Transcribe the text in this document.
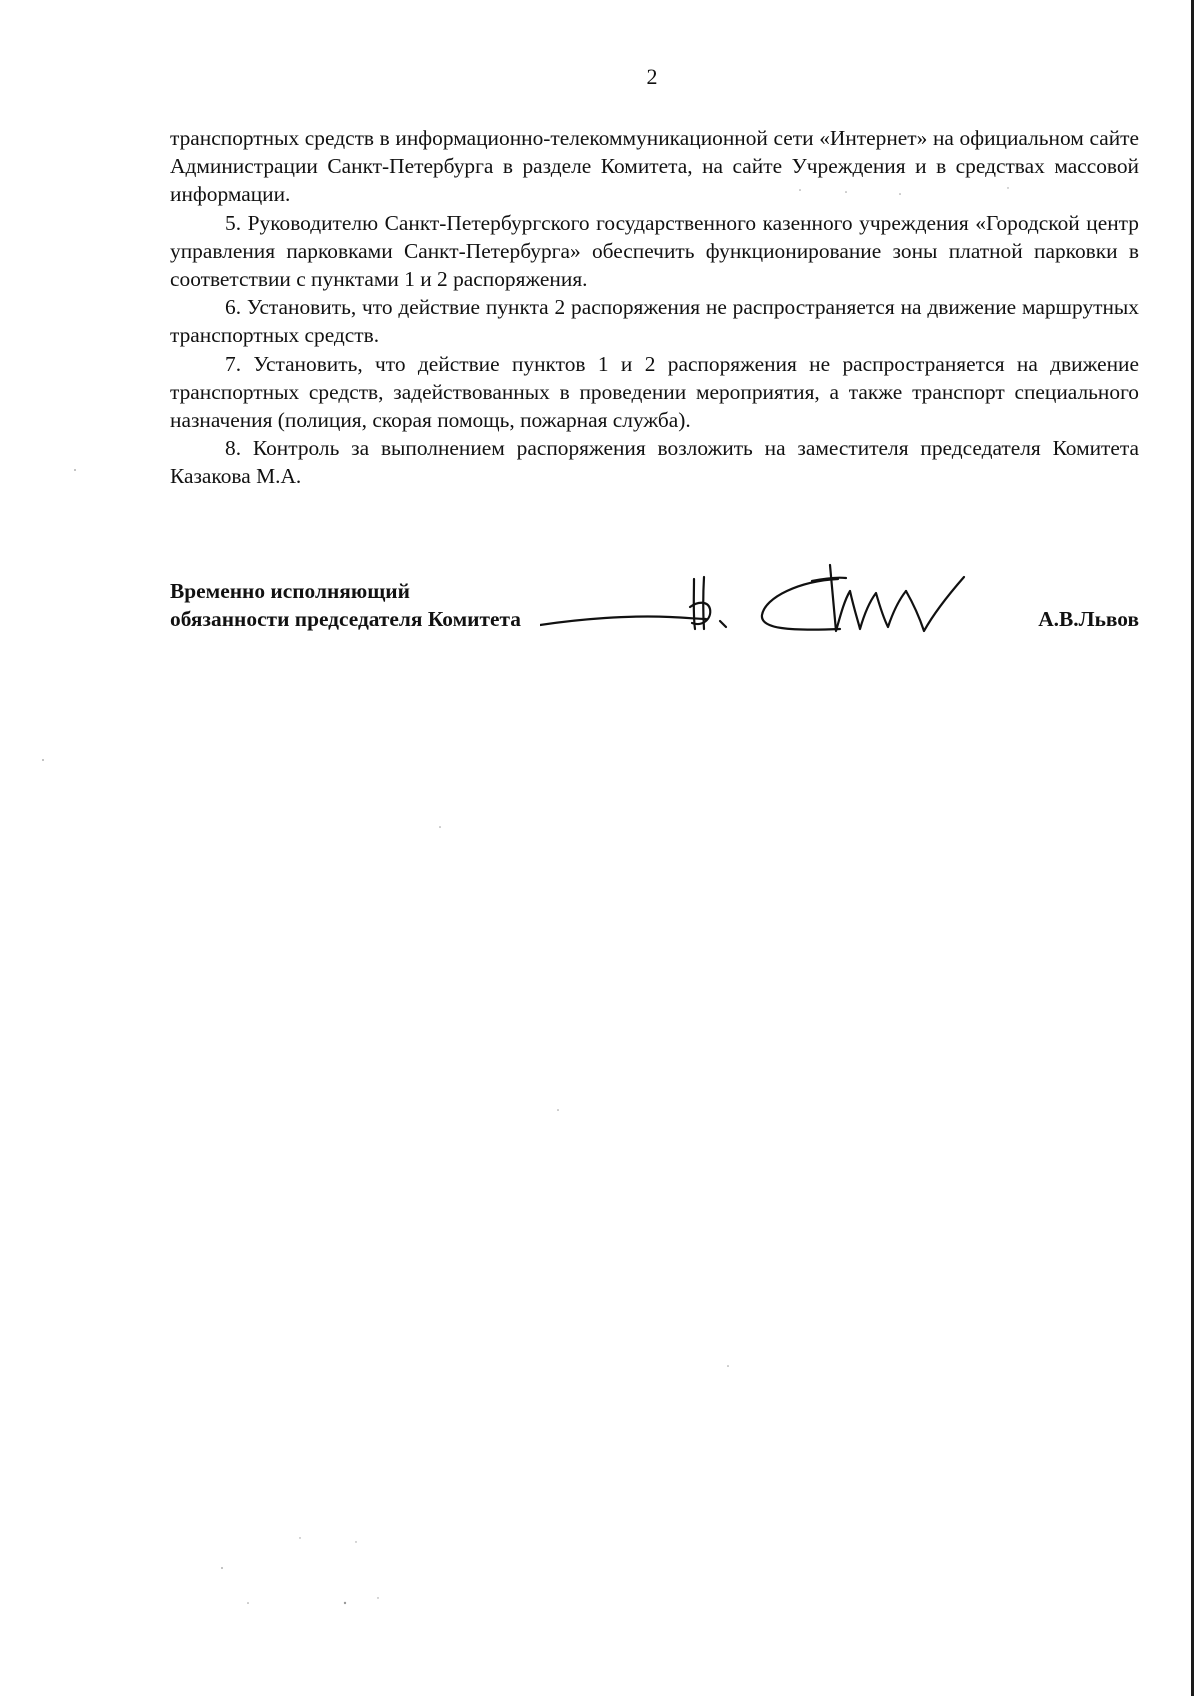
2

транспортных средств в информационно-телекоммуникационной сети «Интернет» на официальном сайте Администрации Санкт-Петербурга в разделе Комитета, на сайте Учреждения и в средствах массовой информации.

5. Руководителю Санкт-Петербургского государственного казенного учреждения «Городской центр управления парковками Санкт-Петербурга» обеспечить функционирование зоны платной парковки в соответствии с пунктами 1 и 2 распоряжения.

6. Установить, что действие пункта 2 распоряжения не распространяется на движение маршрутных транспортных средств.

7. Установить, что действие пунктов 1 и 2 распоряжения не распространяется на движение транспортных средств, задействованных в проведении мероприятия, а также транспорт специального назначения (полиция, скорая помощь, пожарная служба).

8. Контроль за выполнением распоряжения возложить на заместителя председателя Комитета Казакова М.А.

Временно исполняющий
обязанности председателя Комитета	А.В.Львов
